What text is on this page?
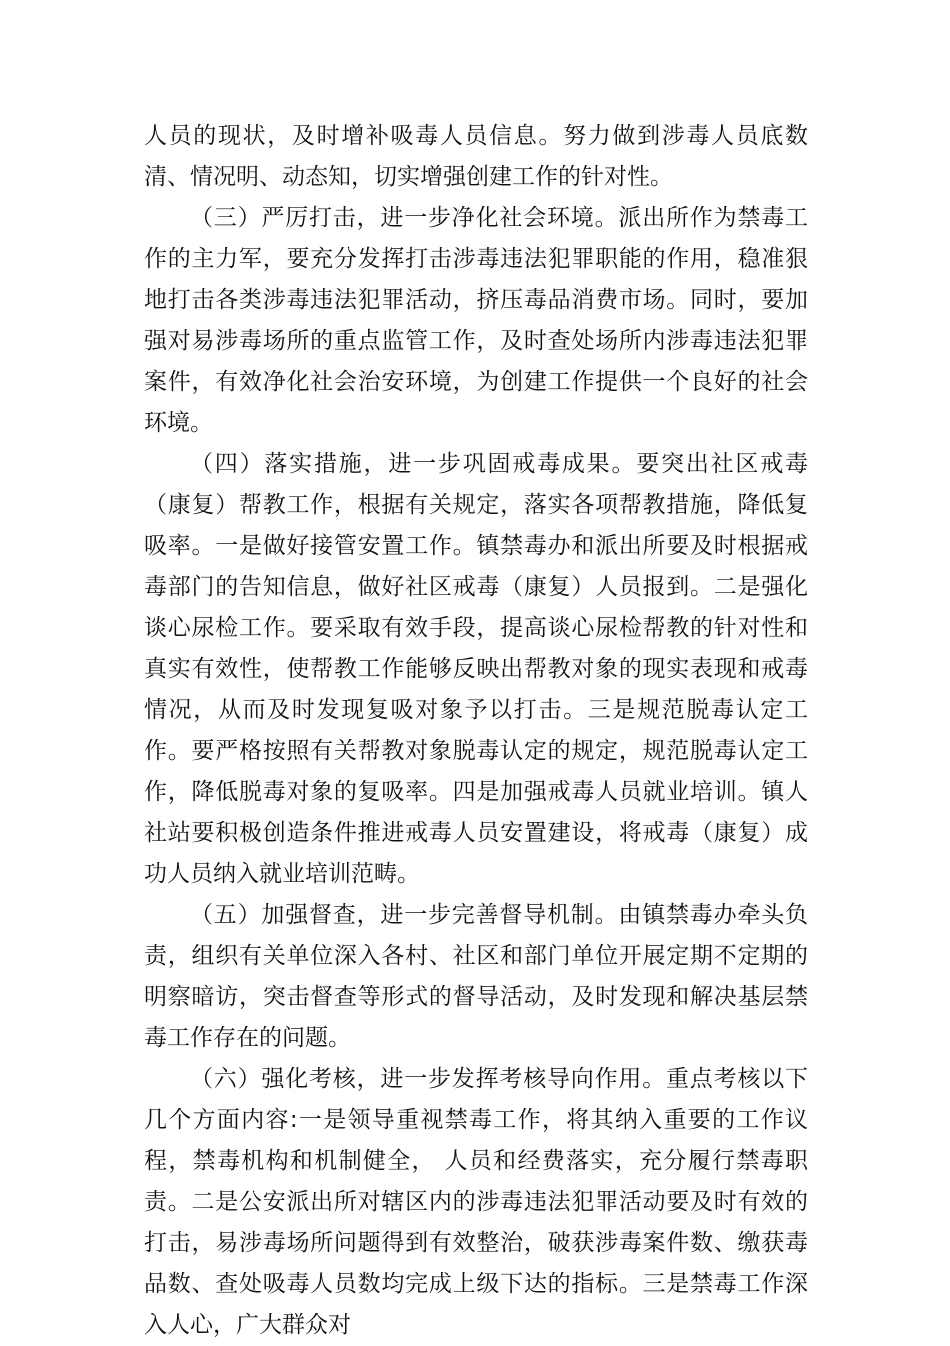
人员的现状，及时增补吸毒人员信息。努力做到涉毒人员底数清、情况明、动态知，切实增强创建工作的针对性。

（三）严厉打击，进一步净化社会环境。派出所作为禁毒工作的主力军，要充分发挥打击涉毒违法犯罪职能的作用，稳准狠地打击各类涉毒违法犯罪活动，挤压毒品消费市场。同时，要加强对易涉毒场所的重点监管工作，及时查处场所内涉毒违法犯罪案件，有效净化社会治安环境，为创建工作提供一个良好的社会环境。

（四）落实措施，进一步巩固戒毒成果。要突出社区戒毒（康复）帮教工作，根据有关规定，落实各项帮教措施，降低复吸率。一是做好接管安置工作。镇禁毒办和派出所要及时根据戒毒部门的告知信息，做好社区戒毒（康复）人员报到。二是强化谈心尿检工作。要采取有效手段，提高谈心尿检帮教的针对性和真实有效性，使帮教工作能够反映出帮教对象的现实表现和戒毒情况，从而及时发现复吸对象予以打击。三是规范脱毒认定工作。要严格按照有关帮教对象脱毒认定的规定，规范脱毒认定工作，降低脱毒对象的复吸率。四是加强戒毒人员就业培训。镇人社站要积极创造条件推进戒毒人员安置建设，将戒毒（康复）成功人员纳入就业培训范畴。

（五）加强督查，进一步完善督导机制。由镇禁毒办牵头负责，组织有关单位深入各村、社区和部门单位开展定期不定期的明察暗访，突击督查等形式的督导活动，及时发现和解决基层禁毒工作存在的问题。

（六）强化考核，进一步发挥考核导向作用。重点考核以下几个方面内容:一是领导重视禁毒工作，将其纳入重要的工作议程，禁毒机构和机制健全， 人员和经费落实，充分履行禁毒职责。二是公安派出所对辖区内的涉毒违法犯罪活动要及时有效的打击，易涉毒场所问题得到有效整治，破获涉毒案件数、缴获毒品数、查处吸毒人员数均完成上级下达的指标。三是禁毒工作深入人心，广大群众对
